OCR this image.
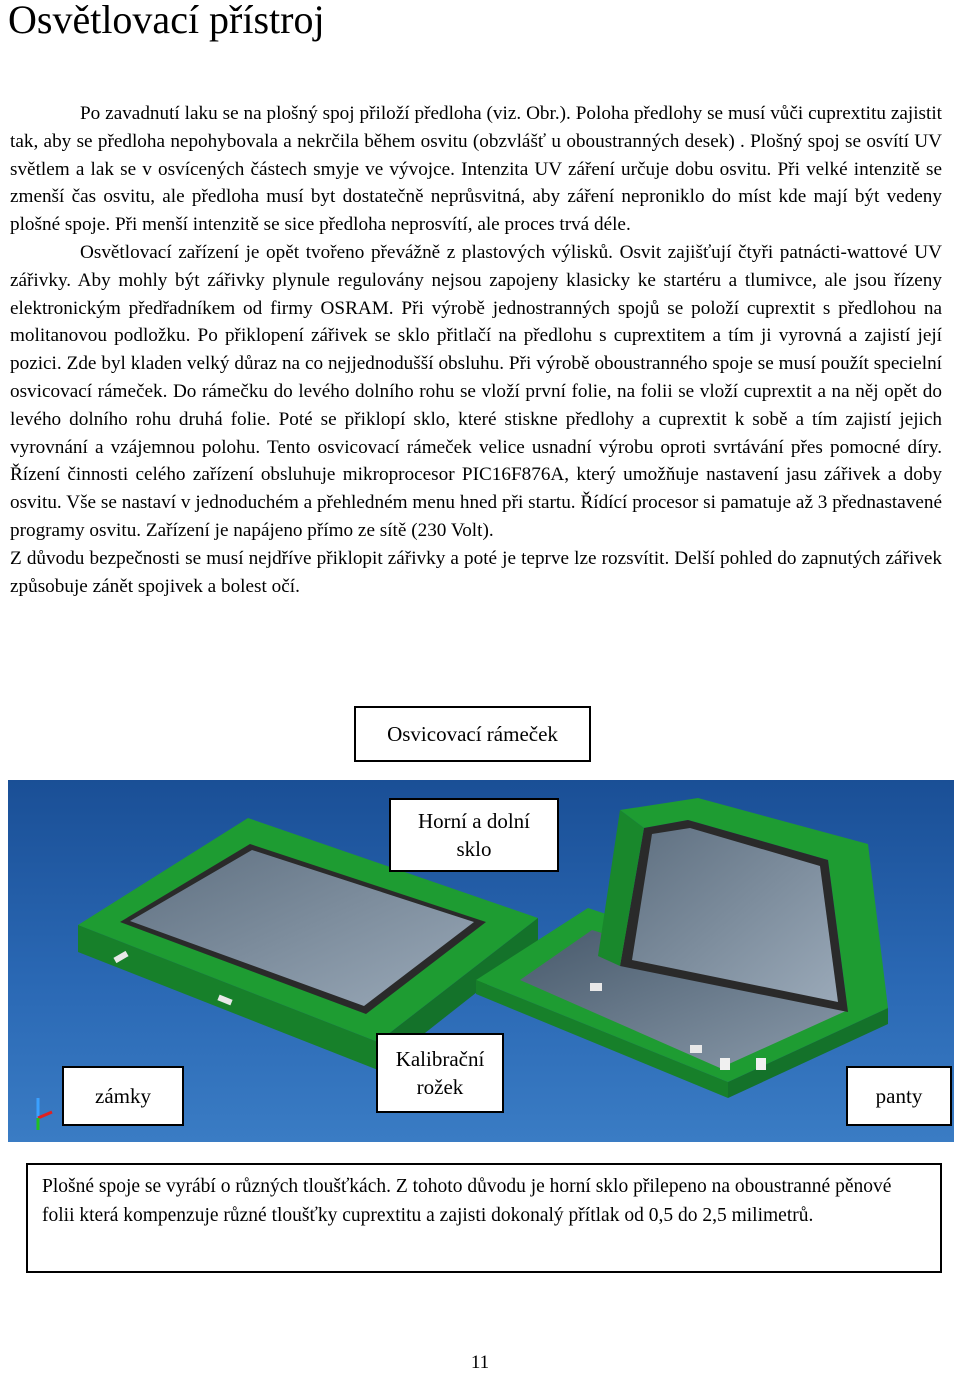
Osvětlovací přístroj
Po zavadnutí laku se na plošný spoj přiloží předloha (viz. Obr.). Poloha předlohy se musí vůči cuprextitu zajistit tak, aby se předloha nepohybovala a nekrčila během osvitu (obzvlášť u oboustranných desek) . Plošný spoj se osvítí UV světlem a lak se v osvícených částech smyje ve vývojce. Intenzita UV záření určuje dobu osvitu. Při velké intenzitě se zmenší čas osvitu, ale předloha musí byt dostatečně neprůsvitná, aby záření neproniklo do míst kde mají být vedeny plošné spoje. Při menší intenzitě se sice předloha neprosvítí, ale proces trvá déle.
Osvětlovací zařízení je opět tvořeno převážně z plastových výlisků. Osvit zajišťují čtyři patnácti-wattové UV zářivky. Aby mohly být zářivky plynule regulovány nejsou zapojeny klasicky ke startéru a tlumivce, ale jsou řízeny elektronickým předřadníkem od firmy OSRAM. Při výrobě jednostranných spojů se položí cuprextit s předlohou na molitanovou podložku. Po přiklopení zářivek se sklo přitlačí na předlohu s cuprextitem a tím ji vyrovná a zajistí její pozici. Zde byl kladen velký důraz na co nejjednodušší obsluhu. Při výrobě oboustranného spoje se musí použít specielní osvicovací rámeček. Do rámečku do levého dolního rohu se vloží první folie, na folii se vloží cuprextit a na něj opět do levého dolního rohu druhá folie. Poté se přiklopí sklo, které stiskne předlohy a cuprextit k sobě a tím zajistí jejich vyrovnání a vzájemnou polohu. Tento osvicovací rámeček velice usnadní výrobu oproti svrtávání přes pomocné díry. Řízení činnosti celého zařízení obsluhuje mikroprocesor PIC16F876A, který umožňuje nastavení jasu zářivek a doby osvitu. Vše se nastaví v jednoduchém a přehledném menu hned při startu. Řídící procesor si pamatuje až 3 přednastavené programy osvitu. Zařízení je napájeno přímo ze sítě (230 Volt).
Z důvodu bezpečnosti se musí nejdříve přiklopit zářivky a poté je teprve lze rozsvítit. Delší pohled do zapnutých zářivek způsobuje zánět spojivek a bolest očí.
Osvicovací rámeček
Horní a dolní sklo
zámky
Kalibrační rožek	panty
Plošné spoje se vyrábí o různých tloušťkách. Z tohoto důvodu je horní sklo přilepeno na oboustranné pěnové folii která kompenzuje různé tloušťky cuprextitu a zajisti dokonalý přítlak od 0,5 do 2,5 milimetrů.
11
